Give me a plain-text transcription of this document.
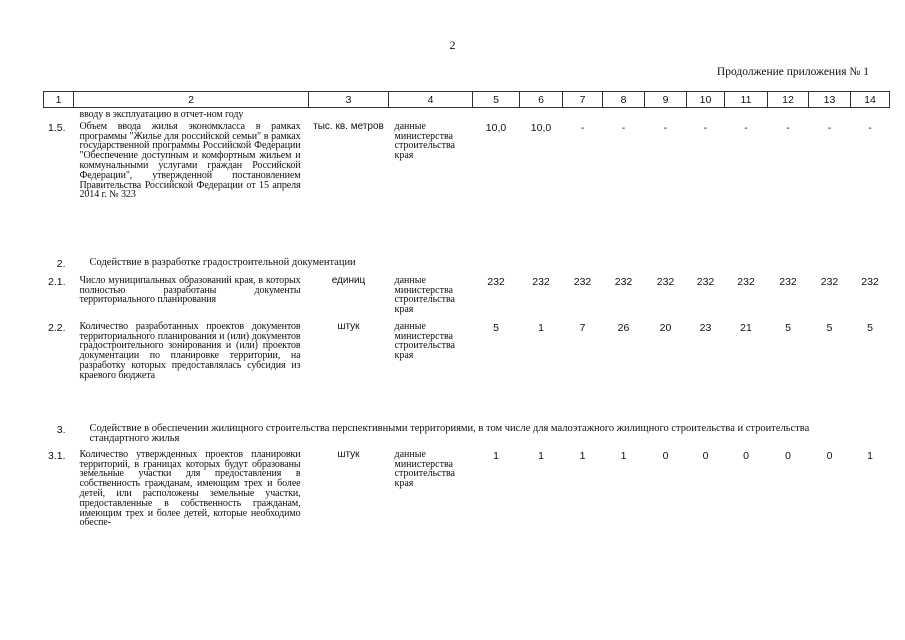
2
Продолжение приложения № 1
1	2	3	4	5	6	7	8	9	10	11	12	13	14
	вводу в эксплуатацию в отчет-ном году												
1.5.	Объем ввода жилья экономкласса в рамках программы "Жилье для российской семьи" в рамках государственной программы Российской Федерации "Обеспечение доступным и комфортным жильем и коммунальными услугами граждан Российской Федерации", утвержденной постановлением Правительства Российской Федерации от 15 апреля 2014 г. № 323	тыс. кв. метров	данные министерства строительства края	10,0	10,0	-	-	-	-	-	-	-	-
2.	Содействие в разработке градостроительной документации												
2.1.	Число муниципальных образований края, в которых полностью разработаны документы территориального планирования	единиц	данные министерства строительства края	232	232	232	232	232	232	232	232	232	232
2.2.	Количество разработанных проектов документов территориального планирования и (или) документов градостроительного зонирования и (или) проектов документации по планировке территории, на разработку которых предоставлялась субсидия из краевого бюджета	штук	данные министерства строительства края	5	1	7	26	20	23	21	5	5	5
3.	Содействие в обеспечении жилищного строительства перспективными территориями, в том числе для малоэтажного жилищного строительства и строительства стандартного жилья												
3.1.	Количество утвержденных проектов планировки территорий, в границах которых будут образованы земельные участки для предоставления в собственность гражданам, имеющим трех и более детей, или расположены земельные участки, предоставленные в собственность гражданам, имеющим трех и более детей, которые необходимо обеспе-	штук	данные министерства строительства края	1	1	1	1	0	0	0	0	0	1
